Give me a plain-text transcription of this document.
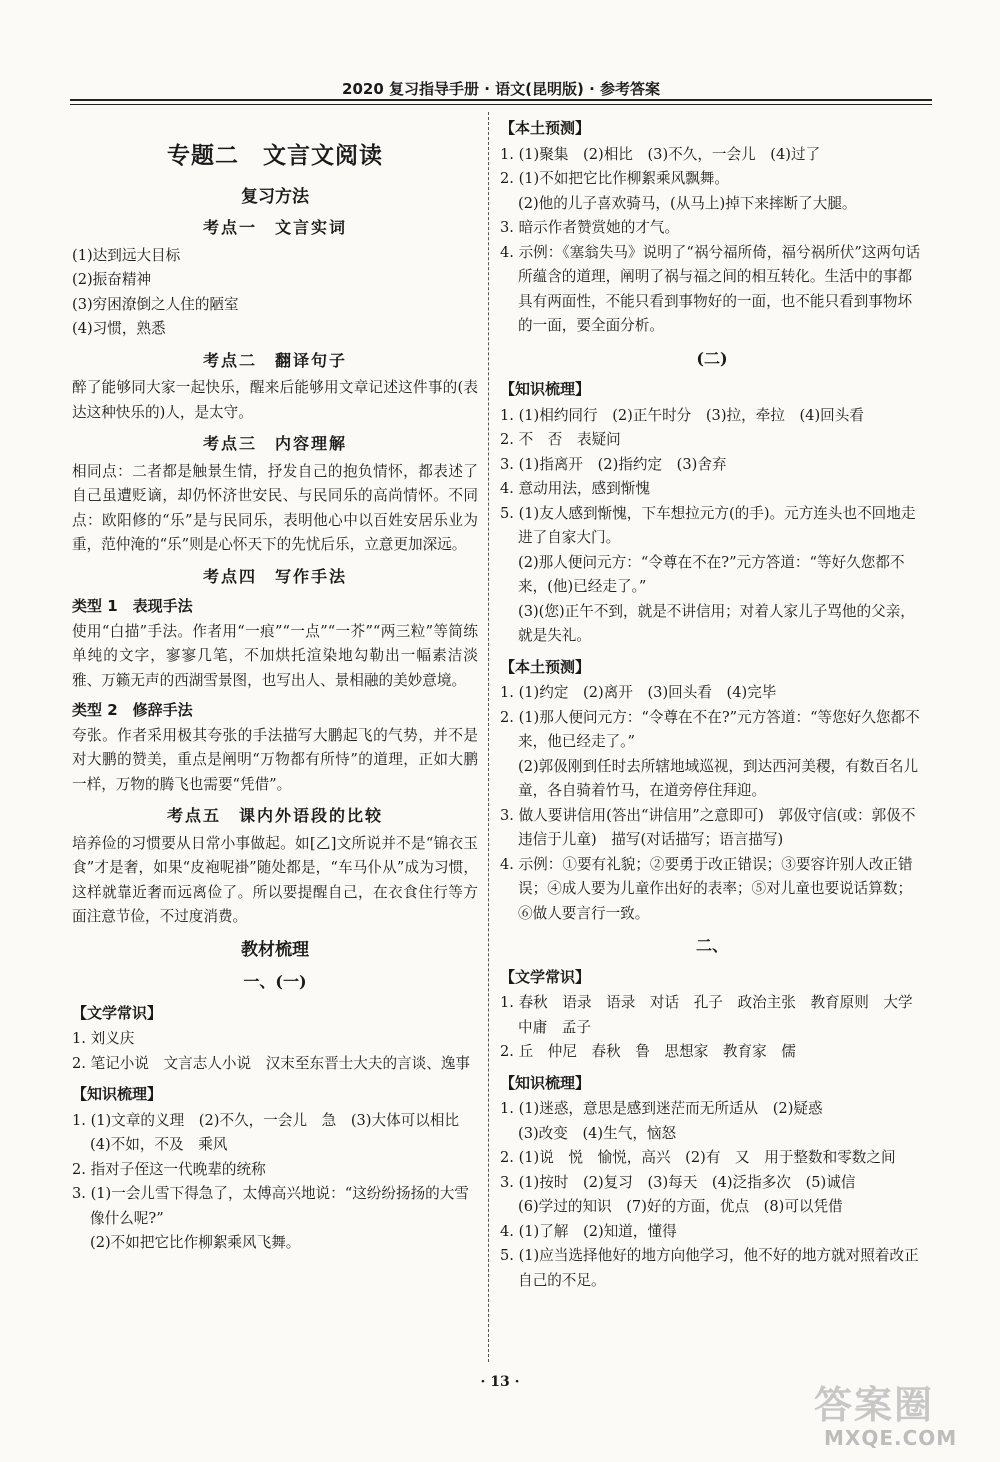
2020 复习指导手册 · 语文(昆明版) · 参考答案
专题二　文言文阅读
复习方法
考点一　文言实词

(1)达到远大目标

(2)振奋精神

(3)穷困潦倒之人住的陋室

(4)习惯，熟悉

考点二　翻译句子

醉了能够同大家一起快乐，醒来后能够用文章记述这件事的(表达这种快乐的)人，是太守。

考点三　内容理解

相同点：二者都是触景生情，抒发自己的抱负情怀，都表述了自己虽遭贬谪，却仍怀济世安民、与民同乐的高尚情怀。不同点：欧阳修的“乐”是与民同乐，表明他心中以百姓安居乐业为重，范仲淹的“乐”则是心怀天下的先忧后乐，立意更加深远。

考点四　写作手法
类型 1　表现手法

使用“白描”手法。作者用“一痕”“一点”“一芥”“两三粒”等简练单纯的文字，寥寥几笔，不加烘托渲染地勾勒出一幅素洁淡雅、万籁无声的西湖雪景图，也写出人、景相融的美妙意境。

类型 2　修辞手法

夸张。作者采用极其夸张的手法描写大鹏起飞的气势，并不是对大鹏的赞美，重点是阐明“万物都有所恃”的道理，正如大鹏一样，万物的腾飞也需要“凭借”。

考点五　课内外语段的比较

培养俭的习惯要从日常小事做起。如[乙]文所说并不是“锦衣玉食”才是奢，如果“皮袍呢褂”随处都是，“车马仆从”成为习惯，这样就靠近奢而远离俭了。所以要提醒自己，在衣食住行等方面注意节俭，不过度消费。

教材梳理
一、(一)
【文学常识】

1. 刘义庆

2. 笔记小说　文言志人小说　汉末至东晋士大夫的言谈、逸事

【知识梳理】

1. (1)文章的义理　(2)不久，一会儿　急　(3)大体可以相比　(4)不如，不及　乘风

2. 指对子侄这一代晚辈的统称

3. (1)一会儿雪下得急了，太傅高兴地说：“这纷纷扬扬的大雪像什么呢?”

(2)不如把它比作柳絮乘风飞舞。

【本土预测】

1. (1)聚集　(2)相比　(3)不久，一会儿　(4)过了

2. (1)不如把它比作柳絮乘风飘舞。

(2)他的儿子喜欢骑马，(从马上)掉下来摔断了大腿。

3. 暗示作者赞赏她的才气。

4. 示例：《塞翁失马》说明了“祸兮福所倚，福兮祸所伏”这两句话所蕴含的道理，阐明了祸与福之间的相互转化。生活中的事都具有两面性，不能只看到事物好的一面，也不能只看到事物坏的一面，要全面分析。

(二)
【知识梳理】

1. (1)相约同行　(2)正午时分　(3)拉，牵拉　(4)回头看

2. 不　否　表疑问

3. (1)指离开　(2)指约定　(3)舍弃

4. 意动用法，感到惭愧

5. (1)友人感到惭愧，下车想拉元方(的手)。元方连头也不回地走进了自家大门。

(2)那人便问元方：“令尊在不在?”元方答道：“等好久您都不来，(他)已经走了。”

(3)(您)正午不到，就是不讲信用；对着人家儿子骂他的父亲，就是失礼。

【本土预测】

1. (1)约定　(2)离开　(3)回头看　(4)完毕

2. (1)那人便问元方：“令尊在不在?”元方答道：“等您好久您都不来，他已经走了。”

(2)郭伋刚到任时去所辖地域巡视，到达西河美稷，有数百名儿童，各自骑着竹马，在道旁停住拜迎。

3. 做人要讲信用(答出“讲信用”之意即可)　郭伋守信(或：郭伋不违信于儿童)　描写(对话描写；语言描写)

4. 示例：①要有礼貌；②要勇于改正错误；③要容许别人改正错误；④成人要为儿童作出好的表率；⑤对儿童也要说话算数；⑥做人要言行一致。

二、
【文学常识】

1. 春秋　语录　语录　对话　孔子　政治主张　教育原则　大学　中庸　孟子

2. 丘　仲尼　春秋　鲁　思想家　教育家　儒

【知识梳理】

1. (1)迷惑，意思是感到迷茫而无所适从　(2)疑惑

(3)改变　(4)生气，恼怒

2. (1)说　悦　愉悦，高兴　(2)有　又　用于整数和零数之间

3. (1)按时　(2)复习　(3)每天　(4)泛指多次　(5)诚信

(6)学过的知识　(7)好的方面，优点　(8)可以凭借

4. (1)了解　(2)知道，懂得

5. (1)应当选择他好的地方向他学习，他不好的地方就对照着改正自己的不足。

· 13 ·
答案圈
MXQE.COM
